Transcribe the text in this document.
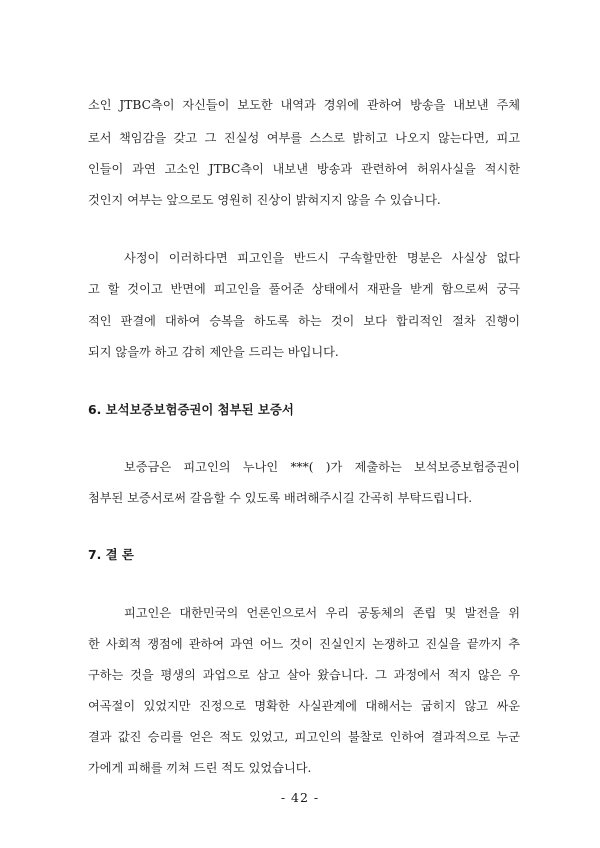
소인 JTBC측이 자신들이 보도한 내역과 경위에 관하여 방송을 내보낸 주체
로서 책임감을 갖고 그 진실성 여부를 스스로 밝히고 나오지 않는다면, 피고
인들이 과연 고소인 JTBC측이 내보낸 방송과 관련하여 허위사실을 적시한
것인지 여부는 앞으로도 영원히 진상이 밝혀지지 않을 수 있습니다.
사정이 이러하다면 피고인을 반드시 구속할만한 명분은 사실상 없다
고 할 것이고 반면에 피고인을 풀어준 상태에서 재판을 받게 함으로써 궁극
적인 판결에 대하여 승복을 하도록 하는 것이 보다 합리적인 절차 진행이
되지 않을까 하고 감히 제안을 드리는 바입니다.
6. 보석보증보험증권이 첨부된 보증서
보증금은 피고인의 누나인 ***( )가 제출하는 보석보증보험증권이
첨부된 보증서로써 갈음할 수 있도록 배려해주시길 간곡히 부탁드립니다.
7. 결 론
피고인은 대한민국의 언론인으로서 우리 공동체의 존립 및 발전을 위
한 사회적 쟁점에 관하여 과연 어느 것이 진실인지 논쟁하고 진실을 끝까지 추
구하는 것을 평생의 과업으로 삼고 살아 왔습니다. 그 과정에서 적지 않은 우
여곡절이 있었지만 진정으로 명확한 사실관계에 대해서는 굽히지 않고 싸운
결과 값진 승리를 얻은 적도 있었고, 피고인의 불찰로 인하여 결과적으로 누군
가에게 피해를 끼쳐 드린 적도 있었습니다.
- 42 -
